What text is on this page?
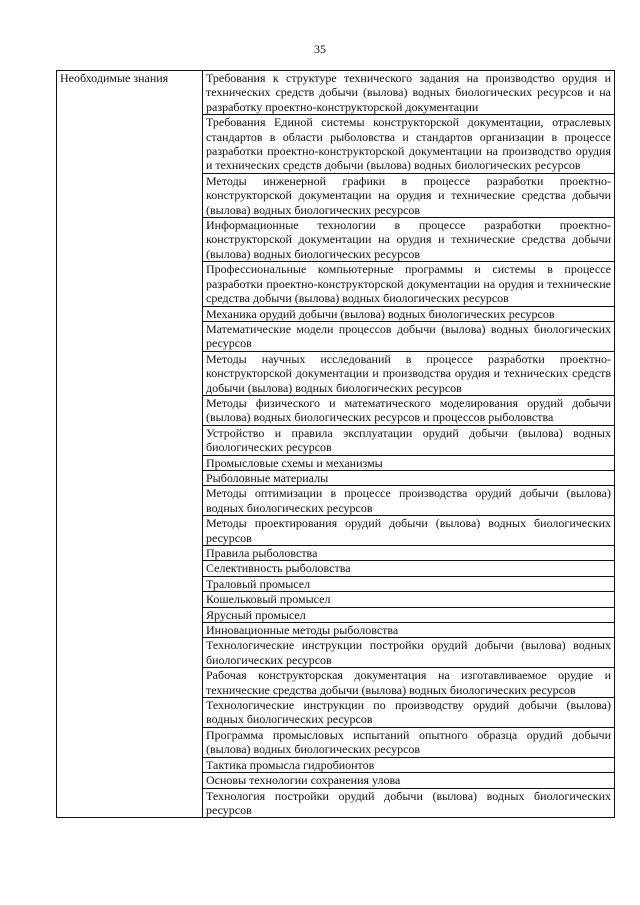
35
Необходимые знания	Требования к структуре технического задания на производство орудия и технических средств добычи (вылова) водных биологических ресурсов и на разработку проектно-конструкторской документации
Требования Единой системы конструкторской документации, отраслевых стандартов в области рыболовства и стандартов организации в процессе разработки проектно-конструкторской документации на производство орудия и технических средств добычи (вылова) водных биологических ресурсов
Методы инженерной графики в процессе разработки проектно-конструкторской документации на орудия и технические средства добычи (вылова) водных биологических ресурсов
Информационные технологии в процессе разработки проектно-конструкторской документации на орудия и технические средства добычи (вылова) водных биологических ресурсов
Профессиональные компьютерные программы и системы в процессе разработки проектно-конструкторской документации на орудия и технические средства добычи (вылова) водных биологических ресурсов
Механика орудий добычи (вылова) водных биологических ресурсов
Математические модели процессов добычи (вылова) водных биологических ресурсов
Методы научных исследований в процессе разработки проектно-конструкторской документации и производства орудия и технических средств добычи (вылова) водных биологических ресурсов
Методы физического и математического моделирования орудий добычи (вылова) водных биологических ресурсов и процессов рыболовства
Устройство и правила эксплуатации орудий добычи (вылова) водных биологических ресурсов
Промысловые схемы и механизмы
Рыболовные материалы
Методы оптимизации в процессе производства орудий добычи (вылова) водных биологических ресурсов
Методы проектирования орудий добычи (вылова) водных биологических ресурсов
Правила рыболовства
Селективность рыболовства
Траловый промысел
Кошельковый промысел
Ярусный промысел
Инновационные методы рыболовства
Технологические инструкции постройки орудий добычи (вылова) водных биологических ресурсов
Рабочая конструкторская документация на изготавливаемое орудие и технические средства добычи (вылова) водных биологических ресурсов
Технологические инструкции по производству орудий добычи (вылова) водных биологических ресурсов
Программа промысловых испытаний опытного образца орудий добычи (вылова) водных биологических ресурсов
Тактика промысла гидробионтов
Основы технологии сохранения улова
Технология постройки орудий добычи (вылова) водных биологических ресурсов
